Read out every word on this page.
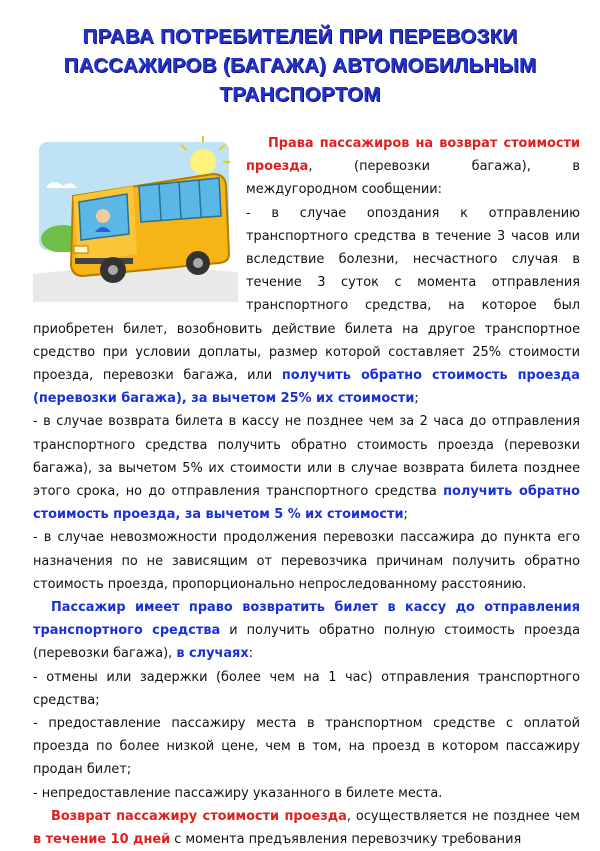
ПРАВА ПОТРЕБИТЕЛЕЙ ПРИ ПЕРЕВОЗКИ
ПАССАЖИРОВ (БАГАЖА) АВТОМОБИЛЬНЫМ
ТРАНСПОРТОМ

Права пассажиров на возврат стоимости проезда, (перевозки багажа), в междугородном сообщении:

- в случае опоздания к отправлению транспортного средства в течение 3 часов или вследствие болезни, несчастного случая в течение 3 суток с момента отправления транспортного средства, на которое был приобретен билет, возобновить действие билета на другое транспортное средство при условии доплаты, размер которой составляет 25% стоимости проезда, перевозки багажа, или получить обратно стоимость проезда (перевозки багажа), за вычетом 25% их стоимости;

- в случае возврата билета в кассу не позднее чем за 2 часа до отправления транспортного средства получить обратно стоимость проезда (перевозки багажа), за вычетом 5% их стоимости или в случае возврата билета позднее этого срока, но до отправления транспортного средства получить обратно стоимость проезда, за вычетом 5 % их стоимости;

- в случае невозможности продолжения перевозки пассажира до пункта его назначения по не зависящим от перевозчика причинам получить обратно стоимость проезда, пропорционально непроследованному расстоянию.

Пассажир имеет право возвратить билет в кассу до отправления транспортного средства и получить обратно полную стоимость проезда (перевозки багажа), в случаях:

- отмены или задержки (более чем на 1 час) отправления транспортного средства;

- предоставление пассажиру места в транспортном средстве с оплатой проезда по более низкой цене, чем в том, на проезд в котором пассажиру продан билет;

- непредоставление пассажиру указанного в билете места.

Возврат пассажиру стоимости проезда, осуществляется не позднее чем в течение 10 дней с момента предъявления перевозчику требования
